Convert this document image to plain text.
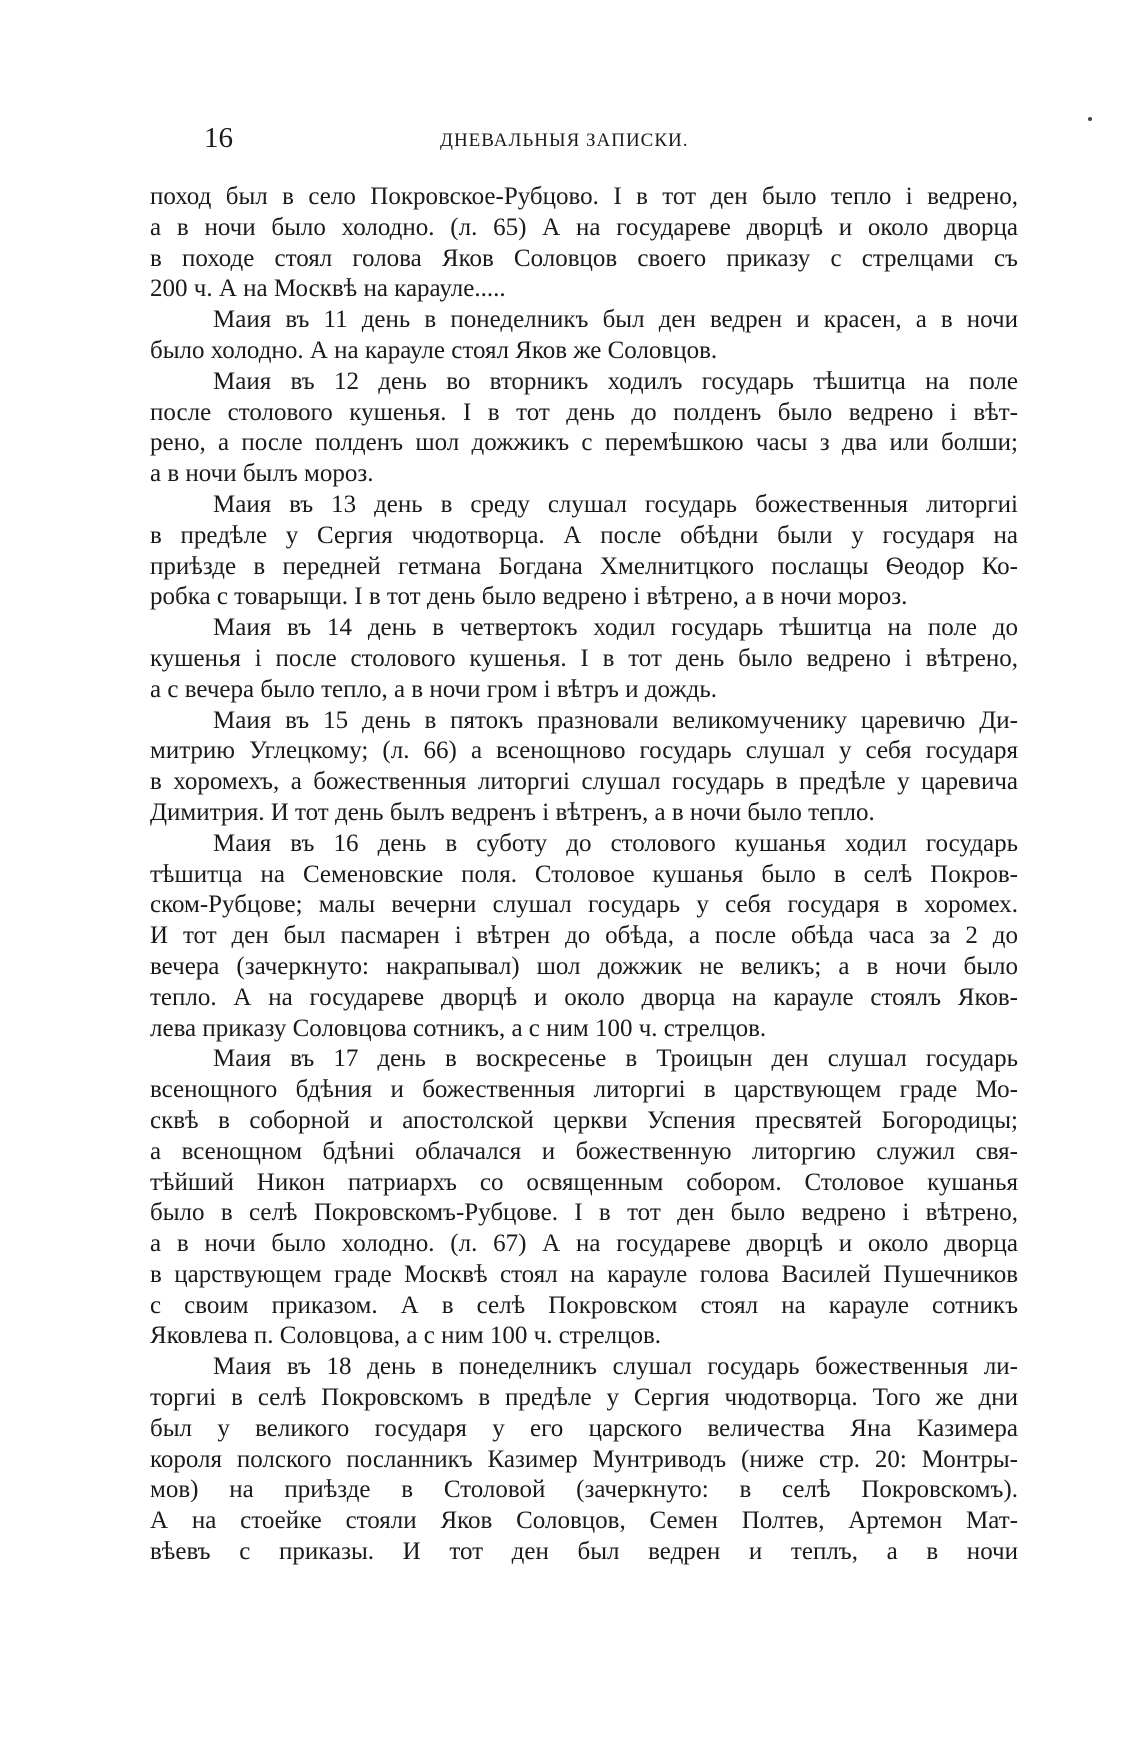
16	ДНЕВАЛЬНЫЯ ЗАПИСКИ.
поход был в село Покровское-Рубцово. I в тот ден было тепло і ведрено,
а в ночи было холодно. (л. 65) А на государеве дворцѣ и около дворца
в походе стоял голова Яков Соловцов своего приказу с стрелцами съ
200 ч. А на Москвѣ на карауле.....
Маия въ 11 день в понеделникъ был ден ведрен и красен, а в ночи
было холодно. А на карауле стоял Яков же Соловцов.
Маия въ 12 день во вторникъ ходилъ государь тѣшитца на поле
после столового кушенья. I в тот день до полденъ было ведрено і вѣт-
рено, а после полденъ шол дожжикъ с перемѣшкою часы з два или болши;
а в ночи былъ мороз.
Маия въ 13 день в среду слушал государь божественныя литоргиі
в предѣле у Сергия чюдотворца. А после обѣдни были у государя на
приѣзде в передней гетмана Богдана Хмелнитцкого послащы Ѳеодор Ко-
робка с товарыщи. I в тот день было ведрено і вѣтрено, а в ночи мороз.
Маия въ 14 день в четвертокъ ходил государь тѣшитца на поле до
кушенья і после столового кушенья. I в тот день было ведрено і вѣтрено,
а с вечера было тепло, а в ночи гром і вѣтръ и дождь.
Маия въ 15 день в пятокъ празновали великомученику царевичю Ди-
митрию Углецкому; (л. 66) а всенощново государь слушал у себя государя
в хоромехъ, а божественныя литоргиі слушал государь в предѣле у царевича
Димитрия. И тот день былъ ведренъ і вѣтренъ, а в ночи было тепло.
Маия въ 16 день в суботу до столового кушанья ходил государь
тѣшитца на Семеновские поля. Столовое кушанья было в селѣ Покров-
ском-Рубцове; малы вечерни слушал государь у себя государя в хоромех.
И тот ден был пасмарен і вѣтрен до обѣда, а после обѣда часа за 2 до
вечера (зачеркнуто: накрапывал) шол дожжик не великъ; а в ночи было
тепло. А на государеве дворцѣ и около дворца на карауле стоялъ Яков-
лева приказу Соловцова сотникъ, а с ним 100 ч. стрелцов.
Маия въ 17 день в воскресенье в Троицын ден слушал государь
всенощного бдѣния и божественныя литоргиі в царствующем граде Мо-
сквѣ в соборной и апостолской церкви Успения пресвятей Богородицы;
а всенощном бдѣниі облачался и божественную литоргию служил свя-
тѣйший Никон патриархъ со освященным собором. Столовое кушанья
было в селѣ Покровскомъ-Рубцове. I в тот ден было ведрено і вѣтрено,
а в ночи было холодно. (л. 67) А на государеве дворцѣ и около дворца
в царствующем граде Москвѣ стоял на карауле голова Василей Пушечников
с своим приказом. А в селѣ Покровском стоял на карауле сотникъ
Яковлева п. Соловцова, а с ним 100 ч. стрелцов.
Маия въ 18 день в понеделникъ слушал государь божественныя ли-
торгиі в селѣ Покровскомъ в предѣле у Сергия чюдотворца. Того же дни
был у великого государя у его царского величества Яна Казимера
короля полского посланникъ Казимер Мунтриводъ (ниже стр. 20: Монтры-
мов) на приѣзде в Столовой (зачеркнуто: в селѣ Покровскомъ).
А на стоейке стояли Яков Соловцов, Семен Полтев, Артемон Мат-
вѣевъ с приказы. И тот ден был ведрен и теплъ, а в ночи
